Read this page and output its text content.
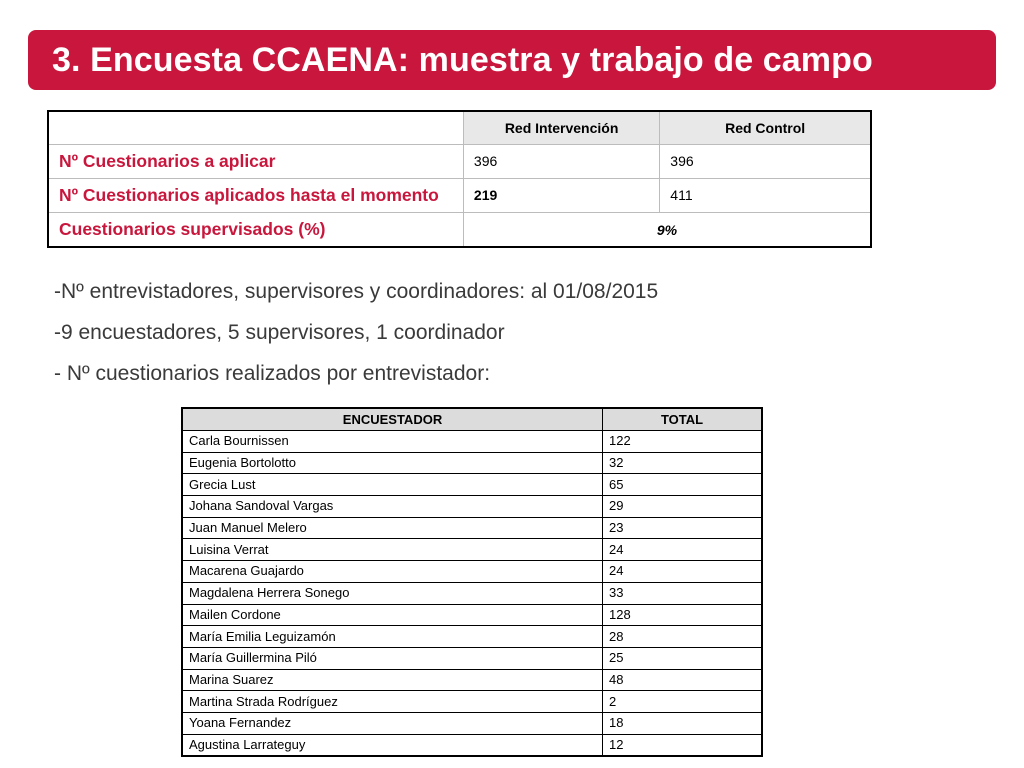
3. Encuesta CCAENA: muestra y trabajo de campo
	Red Intervención	Red Control
Nº Cuestionarios a aplicar	396	396
Nº Cuestionarios aplicados hasta el momento	219	411
Cuestionarios supervisados (%)	9%	
-Nº entrevistadores, supervisores y coordinadores: al 01/08/2015
-9 encuestadores, 5 supervisores, 1 coordinador
- Nº cuestionarios realizados por entrevistador:
ENCUESTADOR	TOTAL
Carla Bournissen	122
Eugenia Bortolotto	32
Grecia Lust	65
Johana Sandoval Vargas	29
Juan Manuel Melero	23
Luisina Verrat	24
Macarena Guajardo	24
Magdalena Herrera Sonego	33
Mailen Cordone	128
María Emilia Leguizamón	28
María Guillermina Piló	25
Marina Suarez	48
Martina Strada Rodríguez	2
Yoana Fernandez	18
Agustina Larrateguy	12
